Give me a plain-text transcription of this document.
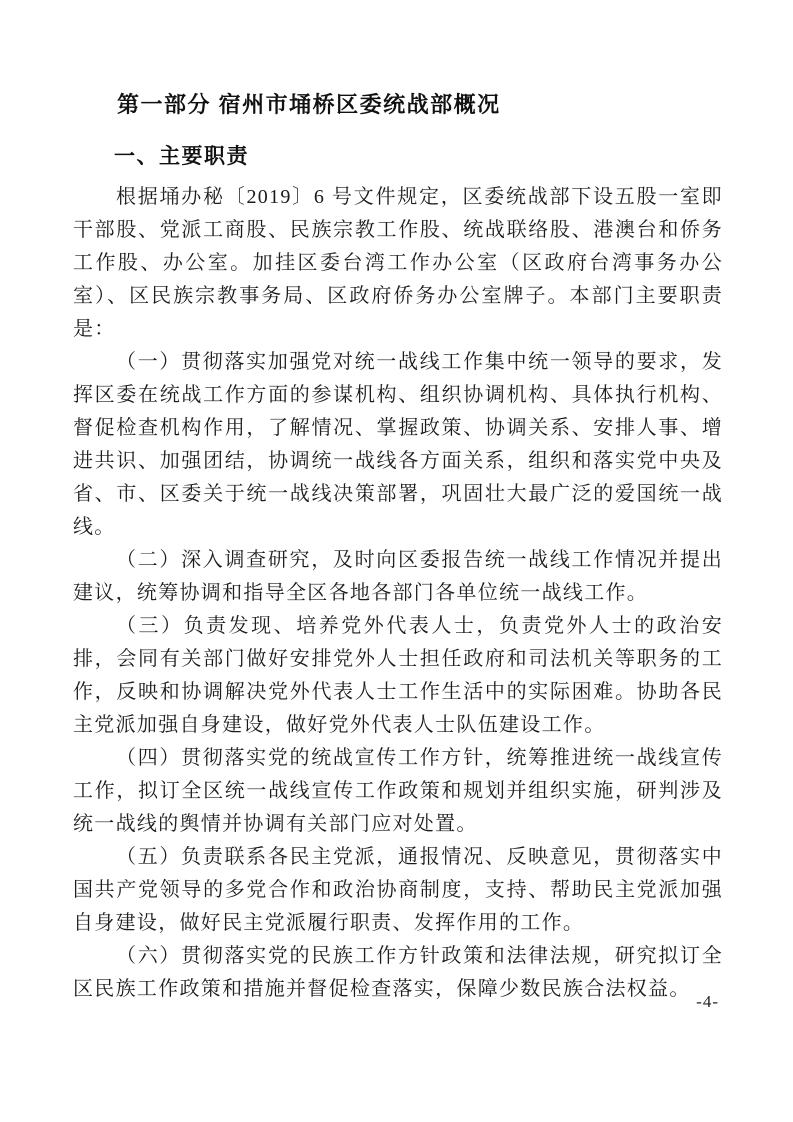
第一部分 宿州市埇桥区委统战部概况
一、主要职责

根据埇办秘〔2019〕6 号文件规定，区委统战部下设五股一室即干部股、党派工商股、民族宗教工作股、统战联络股、港澳台和侨务工作股、办公室。加挂区委台湾工作办公室（区政府台湾事务办公室）、区民族宗教事务局、区政府侨务办公室牌子。本部门主要职责是：

（一）贯彻落实加强党对统一战线工作集中统一领导的要求，发挥区委在统战工作方面的参谋机构、组织协调机构、具体执行机构、督促检查机构作用，了解情况、掌握政策、协调关系、安排人事、增进共识、加强团结，协调统一战线各方面关系，组织和落实党中央及省、市、区委关于统一战线决策部署，巩固壮大最广泛的爱国统一战线。

（二）深入调查研究，及时向区委报告统一战线工作情况并提出建议，统筹协调和指导全区各地各部门各单位统一战线工作。

（三）负责发现、培养党外代表人士，负责党外人士的政治安排，会同有关部门做好安排党外人士担任政府和司法机关等职务的工作，反映和协调解决党外代表人士工作生活中的实际困难。协助各民主党派加强自身建设，做好党外代表人士队伍建设工作。

（四）贯彻落实党的统战宣传工作方针，统筹推进统一战线宣传工作，拟订全区统一战线宣传工作政策和规划并组织实施，研判涉及统一战线的舆情并协调有关部门应对处置。

（五）负责联系各民主党派，通报情况、反映意见，贯彻落实中国共产党领导的多党合作和政治协商制度，支持、帮助民主党派加强自身建设，做好民主党派履行职责、发挥作用的工作。

（六）贯彻落实党的民族工作方针政策和法律法规，研究拟订全区民族工作政策和措施并督促检查落实，保障少数民族合法权益。

-4-
